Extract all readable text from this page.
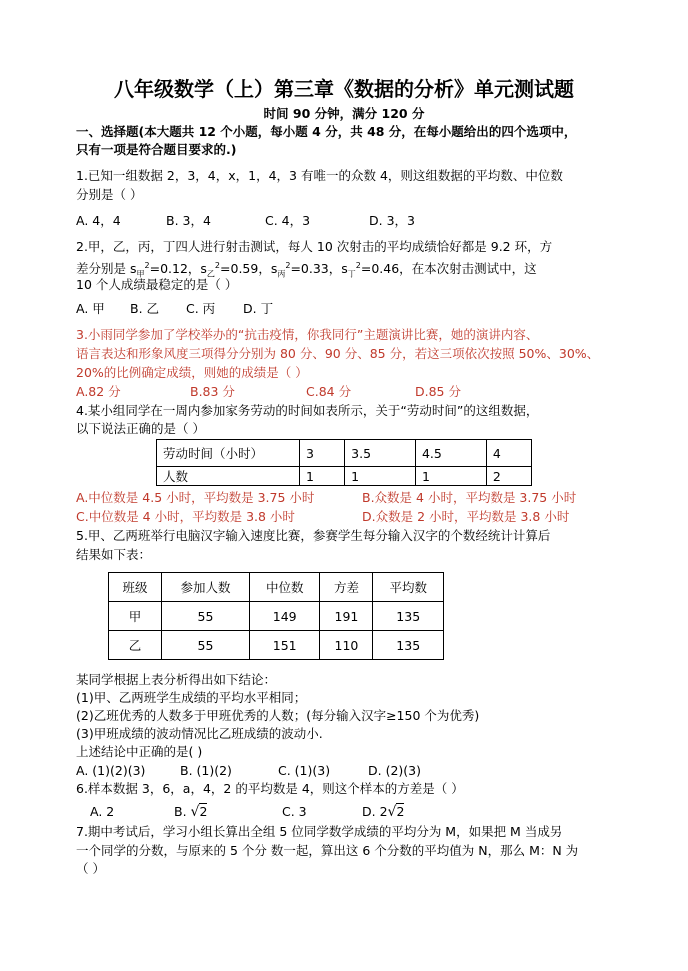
八年级数学（上）第三章《数据的分析》单元测试题
时间 90 分钟，满分 120 分
一、选择题(本大题共 12 个小题，每小题 4 分，共 48 分，在每小题给出的四个选项中，
只有一项是符合题目要求的.)
1.已知一组数据 2，3，4，x，1，4，3 有唯一的众数 4，则这组数据的平均数、中位数
分别是（ ）
A. 4，4	B. 3，4	C. 4，3	D. 3，3
2.甲，乙，丙，丁四人进行射击测试，每人 10 次射击的平均成绩恰好都是 9.2 环，方
差分别是 $s_甲^2=0.12$，$s_乙^2=0.59$，$s_丙^2=0.33$，$s_丁^2=0.46$，在本次射击测试中，这
10 个人成绩最稳定的是（ ）
A. 甲 B. 乙 C. 丙 D. 丁
3.小雨同学参加了学校举办的“抗击疫情，你我同行”主题演讲比赛，她的演讲内容、
语言表达和形象风度三项得分分别为 80 分、90 分、85 分，若这三项依次按照 50%、30%、
20%的比例确定成绩，则她的成绩是（ ）
A.82 分	B.83 分	C.84 分	D.85 分
4.某小组同学在一周内参加家务劳动的时间如表所示，关于“劳动时间”的这组数据，
以下说法正确的是（ ）
劳动时间（小时）	3	3.5	4.5	4
人数	1	1	1	2
A.中位数是 4.5 小时，平均数是 3.75 小时	B.众数是 4 小时，平均数是 3.75 小时
C.中位数是 4 小时，平均数是 3.8 小时	D.众数是 2 小时，平均数是 3.8 小时
5.甲、乙两班举行电脑汉字输入速度比赛，参赛学生每分输入汉字的个数经统计计算后
结果如下表：
班级	参加人数	中位数	方差	平均数
甲	55	149	191	135
乙	55	151	110	135
某同学根据上表分析得出如下结论：
(1)甲、乙两班学生成绩的平均水平相同；
(2)乙班优秀的人数多于甲班优秀的人数；(每分输入汉字≥150 个为优秀)
(3)甲班成绩的波动情况比乙班成绩的波动小.
上述结论中正确的是( )
A. (1)(2)(3)	B. (1)(2)	C. (1)(3)	D. (2)(3)
6.样本数据 3，6，a，4，2 的平均数是 4，则这个样本的方差是（ ）
A. 2	B. √2	C. 3	D. 2√2
7.期中考试后，学习小组长算出全组 5 位同学数学成绩的平均分为 M，如果把 M 当成另
一个同学的分数，与原来的 5 个分 数一起，算出这 6 个分数的平均值为 N，那么 M：N 为
（ ）
